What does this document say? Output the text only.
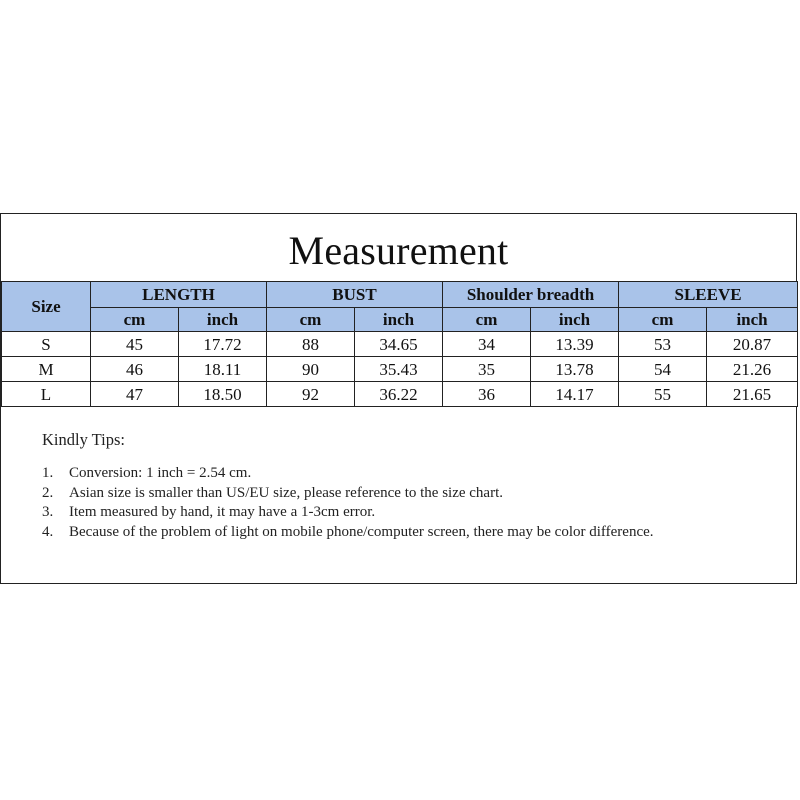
Measurement
Size	LENGTH		BUST		Shoulder breadth		SLEEVE	
	cm	inch	cm	inch	cm	inch	cm	inch
S	45	17.72	88	34.65	34	13.39	53	20.87
M	46	18.11	90	35.43	35	13.78	54	21.26
L	47	18.50	92	36.22	36	14.17	55	21.65
Kindly Tips:
1.	Conversion: 1 inch = 2.54 cm.
2.	Asian size is smaller than US/EU size, please reference to the size chart.
3.	Item measured by hand, it may have a 1-3cm error.
4.	Because of the problem of light on mobile phone/computer screen, there may be color difference.
